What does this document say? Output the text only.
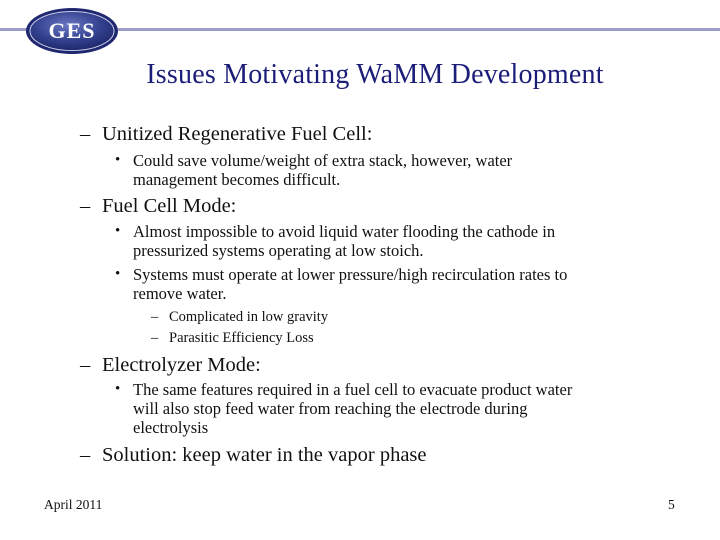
GES
Issues Motivating WaMM Development
– Unitized Regenerative Fuel Cell:
• Could save volume/weight of extra stack, however, water
management becomes difficult.
– Fuel Cell Mode:
• Almost impossible to avoid liquid water flooding the cathode in
pressurized systems operating at low stoich.
• Systems must operate at lower pressure/high recirculation rates to
remove water.
– Complicated in low gravity
– Parasitic Efficiency Loss
– Electrolyzer Mode:
• The same features required in a fuel cell to evacuate product water
will also stop feed water from reaching the electrode during
electrolysis
– Solution: keep water in the vapor phase
April 2011	5
